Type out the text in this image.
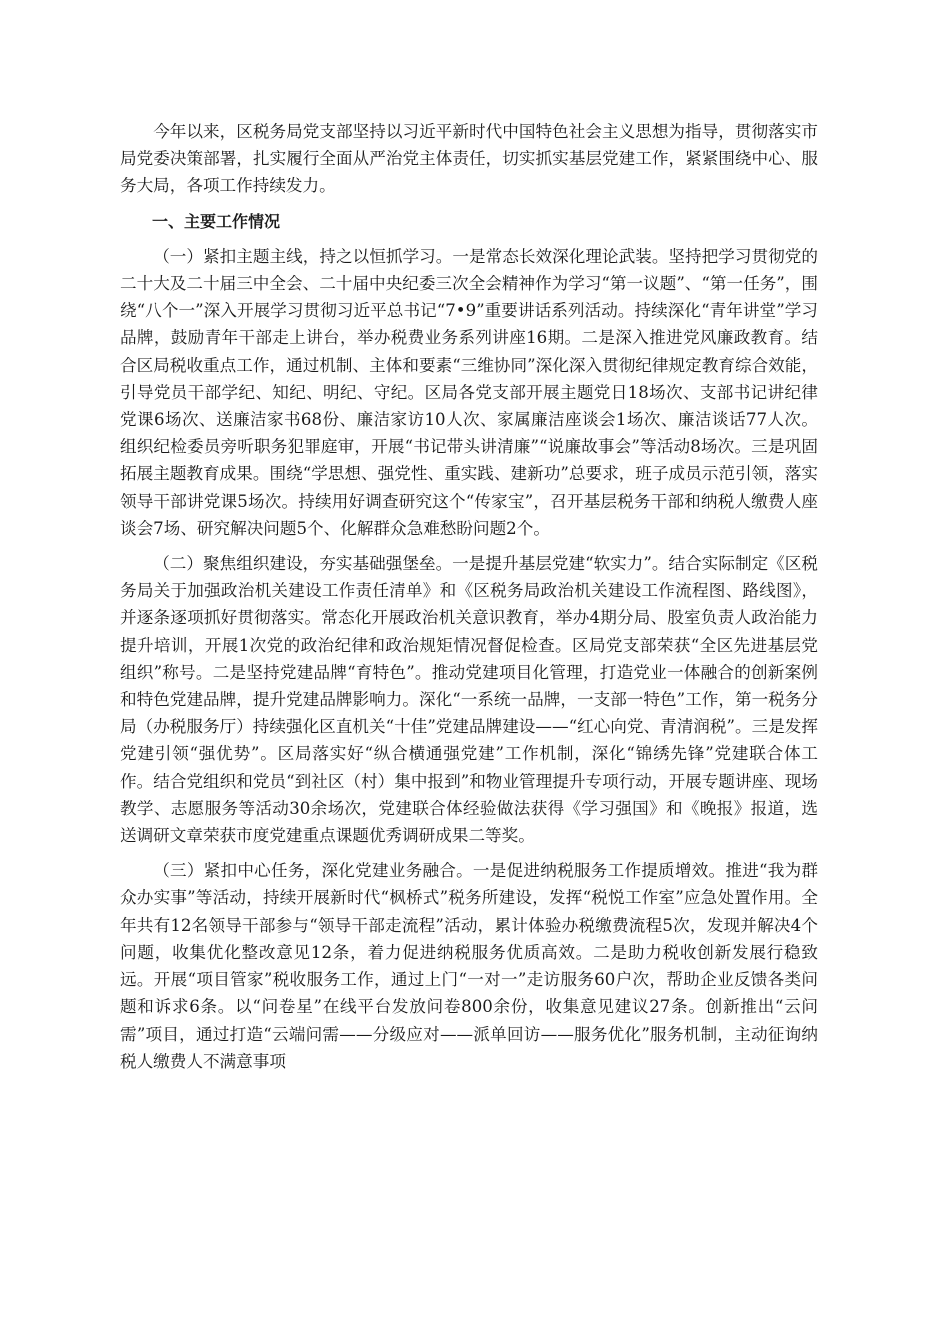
今年以来，区税务局党支部坚持以习近平新时代中国特色社会主义思想为指导，贯彻落实市局党委决策部署，扎实履行全面从严治党主体责任，切实抓实基层党建工作，紧紧围绕中心、服务大局，各项工作持续发力。

一、主要工作情况

（一）紧扣主题主线，持之以恒抓学习。一是常态长效深化理论武装。坚持把学习贯彻党的二十大及二十届三中全会、二十届中央纪委三次全会精神作为学习“第一议题”、“第一任务”，围绕“八个一”深入开展学习贯彻习近平总书记“7•9”重要讲话系列活动。持续深化“青年讲堂”学习品牌，鼓励青年干部走上讲台，举办税费业务系列讲座16期。二是深入推进党风廉政教育。结合区局税收重点工作，通过机制、主体和要素“三维协同”深化深入贯彻纪律规定教育综合效能，引导党员干部学纪、知纪、明纪、守纪。区局各党支部开展主题党日18场次、支部书记讲纪律党课6场次、送廉洁家书68份、廉洁家访10人次、家属廉洁座谈会1场次、廉洁谈话77人次。组织纪检委员旁听职务犯罪庭审，开展“书记带头讲清廉”“说廉故事会”等活动8场次。三是巩固拓展主题教育成果。围绕“学思想、强党性、重实践、建新功”总要求，班子成员示范引领，落实领导干部讲党课5场次。持续用好调查研究这个“传家宝”，召开基层税务干部和纳税人缴费人座谈会7场、研究解决问题5个、化解群众急难愁盼问题2个。

（二）聚焦组织建设，夯实基础强堡垒。一是提升基层党建“软实力”。结合实际制定《区税务局关于加强政治机关建设工作责任清单》和《区税务局政治机关建设工作流程图、路线图》，并逐条逐项抓好贯彻落实。常态化开展政治机关意识教育，举办4期分局、股室负责人政治能力提升培训，开展1次党的政治纪律和政治规矩情况督促检查。区局党支部荣获“全区先进基层党组织”称号。二是坚持党建品牌“育特色”。推动党建项目化管理，打造党业一体融合的创新案例和特色党建品牌，提升党建品牌影响力。深化“一系统一品牌，一支部一特色”工作，第一税务分局（办税服务厅）持续强化区直机关“十佳”党建品牌建设——“红心向党、青清润税”。三是发挥党建引领“强优势”。区局落实好“纵合横通强党建”工作机制，深化“锦绣先锋”党建联合体工作。结合党组织和党员“到社区（村）集中报到”和物业管理提升专项行动，开展专题讲座、现场教学、志愿服务等活动30余场次，党建联合体经验做法获得《学习强国》和《晚报》报道，选送调研文章荣获市度党建重点课题优秀调研成果二等奖。

（三）紧扣中心任务，深化党建业务融合。一是促进纳税服务工作提质增效。推进“我为群众办实事”等活动，持续开展新时代“枫桥式”税务所建设，发挥“税悦工作室”应急处置作用。全年共有12名领导干部参与“领导干部走流程”活动，累计体验办税缴费流程5次，发现并解决4个问题，收集优化整改意见12条，着力促进纳税服务优质高效。二是助力税收创新发展行稳致远。开展“项目管家”税收服务工作，通过上门“一对一”走访服务60户次，帮助企业反馈各类问题和诉求6条。以“问卷星”在线平台发放问卷800余份，收集意见建议27条。创新推出“云问需”项目，通过打造“云端问需——分级应对——派单回访——服务优化”服务机制，主动征询纳税人缴费人不满意事项
